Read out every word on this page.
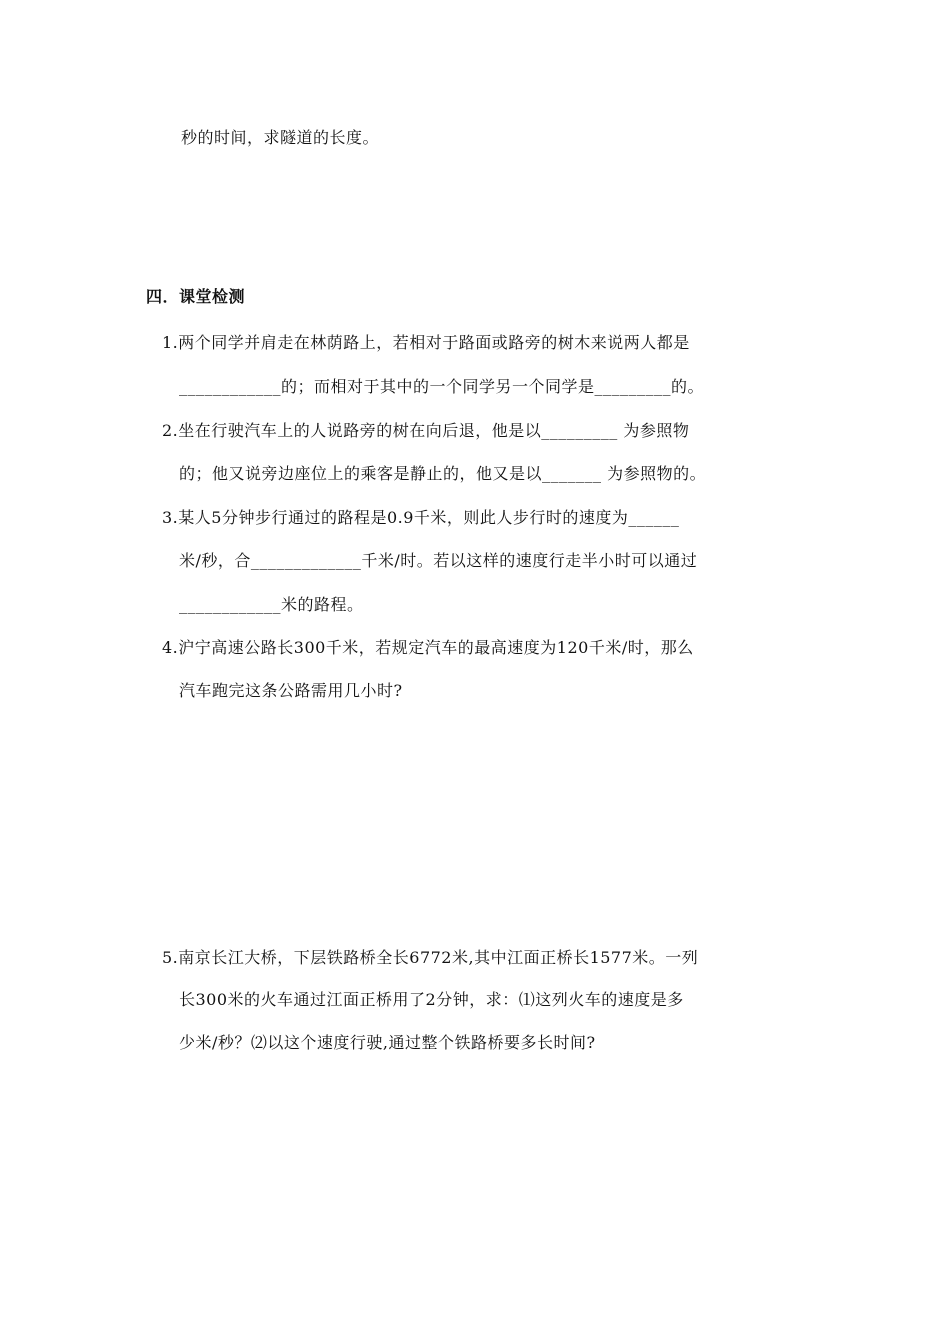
秒的时间，求隧道的长度。
四．课堂检测
1.两个同学并肩走在林荫路上，若相对于路面或路旁的树木来说两人都是
____________的；而相对于其中的一个同学另一个同学是_________的。
2.坐在行驶汽车上的人说路旁的树在向后退，他是以_________ 为参照物
的；他又说旁边座位上的乘客是静止的，他又是以_______ 为参照物的。
3.某人5分钟步行通过的路程是0.9千米，则此人步行时的速度为______
米/秒，合_____________千米/时。若以这样的速度行走半小时可以通过
____________米的路程。
4.沪宁高速公路长300千米，若规定汽车的最高速度为120千米/时，那么
汽车跑完这条公路需用几小时?
5.南京长江大桥，下层铁路桥全长6772米,其中江面正桥长1577米。一列
长300米的火车通过江面正桥用了2分钟，求：⑴这列火车的速度是多
少米/秒？⑵以这个速度行驶,通过整个铁路桥要多长时间?
